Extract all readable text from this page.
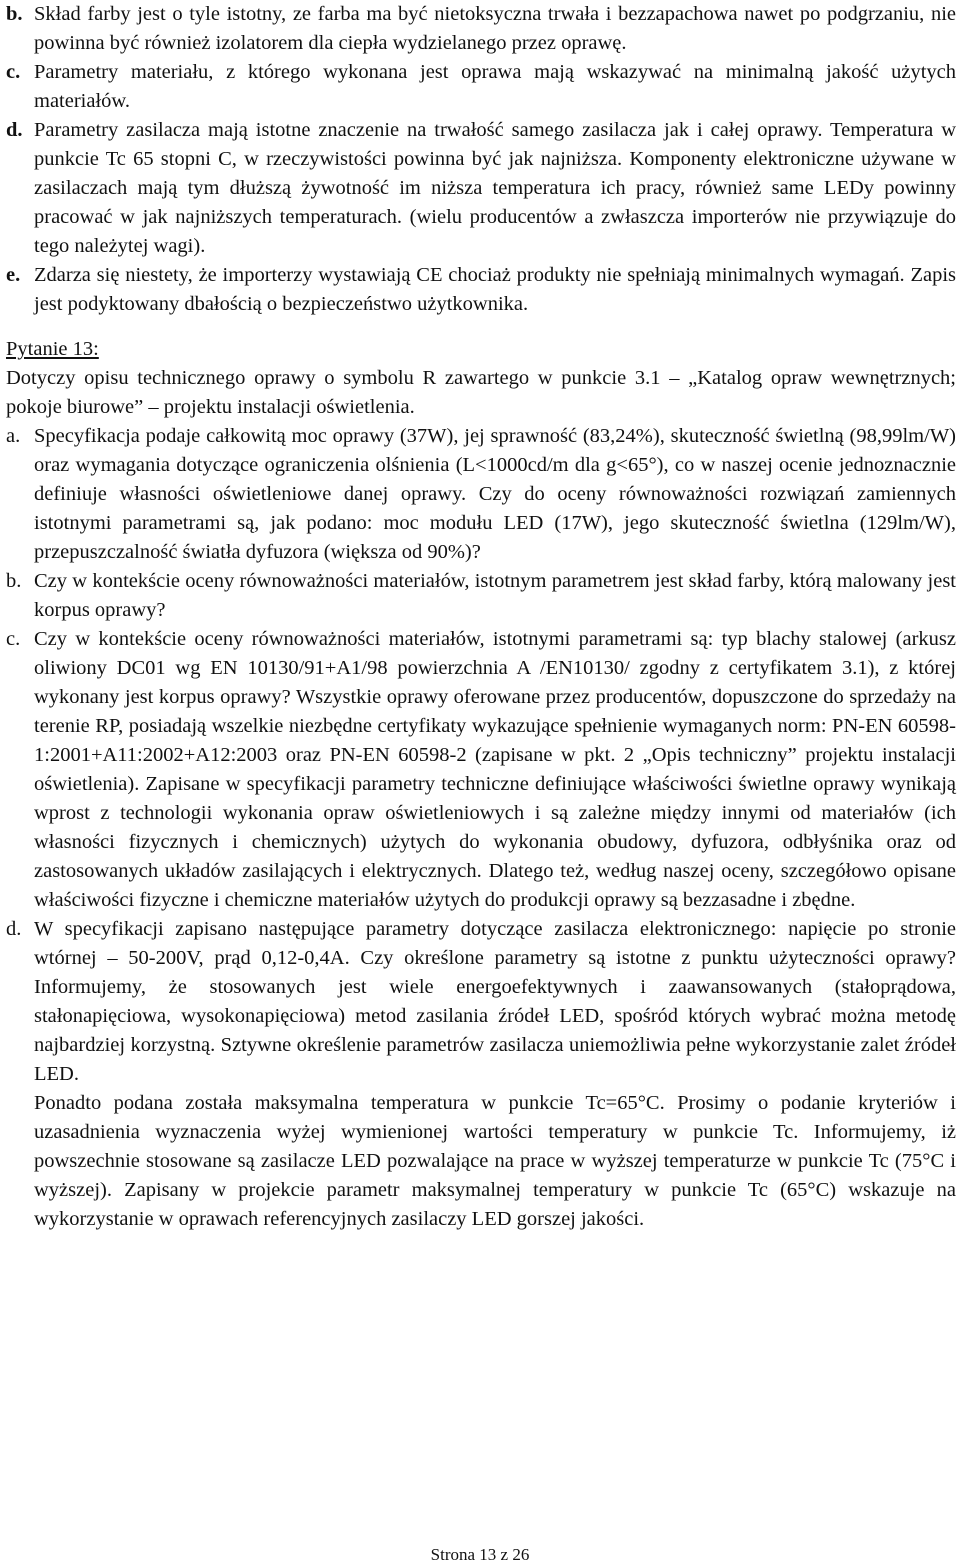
b. Skład farby jest o tyle istotny, ze farba ma być nietoksyczna trwała i bezzapachowa nawet po podgrzaniu, nie powinna być również izolatorem dla ciepła wydzielanego przez oprawę.
c. Parametry materiału, z którego wykonana jest oprawa mają wskazywać na minimalną jakość użytych materiałów.
d. Parametry zasilacza mają istotne znaczenie na trwałość samego zasilacza jak i całej oprawy. Temperatura w punkcie Tc 65 stopni C, w rzeczywistości powinna być jak najniższa. Komponenty elektroniczne używane w zasilaczach mają tym dłuższą żywotność im niższa temperatura ich pracy, również same LEDy powinny pracować w jak najniższych temperaturach. (wielu producentów a zwłaszcza importerów nie przywiązuje do tego należytej wagi).
e. Zdarza się niestety, że importerzy wystawiają CE chociaż produkty nie spełniają minimalnych wymagań. Zapis jest podyktowany dbałością o bezpieczeństwo użytkownika.
Pytanie 13:
Dotyczy opisu technicznego oprawy o symbolu R zawartego w punkcie 3.1 – „Katalog opraw wewnętrznych; pokoje biurowe” – projektu instalacji oświetlenia.
a. Specyfikacja podaje całkowitą moc oprawy (37W), jej sprawność (83,24%), skuteczność świetlną (98,99lm/W) oraz wymagania dotyczące ograniczenia olśnienia (L<1000cd/m dla g<65°), co w naszej ocenie jednoznacznie definiuje własności oświetleniowe danej oprawy. Czy do oceny równoważności rozwiązań zamiennych istotnymi parametrami są, jak podano: moc modułu LED (17W), jego skuteczność świetlna (129lm/W), przepuszczalność światła dyfuzora (większa od 90%)?
b. Czy w kontekście oceny równoważności materiałów, istotnym parametrem jest skład farby, którą malowany jest korpus oprawy?
c. Czy w kontekście oceny równoważności materiałów, istotnymi parametrami są: typ blachy stalowej (arkusz oliwiony DC01 wg EN 10130/91+A1/98 powierzchnia A /EN10130/ zgodny z certyfikatem 3.1), z której wykonany jest korpus oprawy? Wszystkie oprawy oferowane przez producentów, dopuszczone do sprzedaży na terenie RP, posiadają wszelkie niezbędne certyfikaty wykazujące spełnienie wymaganych norm: PN-EN 60598-1:2001+A11:2002+A12:2003 oraz PN-EN 60598-2 (zapisane w pkt. 2 „Opis techniczny” projektu instalacji oświetlenia). Zapisane w specyfikacji parametry techniczne definiujące właściwości świetlne oprawy wynikają wprost z technologii wykonania opraw oświetleniowych i są zależne między innymi od materiałów (ich własności fizycznych i chemicznych) użytych do wykonania obudowy, dyfuzora, odbłyśnika oraz od zastosowanych układów zasilających i elektrycznych. Dlatego też, według naszej oceny, szczegółowo opisane właściwości fizyczne i chemiczne materiałów użytych do produkcji oprawy są bezzasadne i zbędne.
d. W specyfikacji zapisano następujące parametry dotyczące zasilacza elektronicznego: napięcie po stronie wtórnej – 50-200V, prąd 0,12-0,4A. Czy określone parametry są istotne z punktu użyteczności oprawy? Informujemy, że stosowanych jest wiele energoefektywnych i zaawansowanych (stałoprądowa, stałonapięciowa, wysokonapięciowa) metod zasilania źródeł LED, spośród których wybrać można metodę najbardziej korzystną. Sztywne określenie parametrów zasilacza uniemożliwia pełne wykorzystanie zalet źródeł LED.
Ponadto podana została maksymalna temperatura w punkcie Tc=65°C. Prosimy o podanie kryteriów i uzasadnienia wyznaczenia wyżej wymienionej wartości temperatury w punkcie Tc. Informujemy, iż powszechnie stosowane są zasilacze LED pozwalające na prace w wyższej temperaturze w punkcie Tc (75°C i wyższej). Zapisany w projekcie parametr maksymalnej temperatury w punkcie Tc (65°C) wskazuje na wykorzystanie w oprawach referencyjnych zasilaczy LED gorszej jakości.
Strona 13 z 26
